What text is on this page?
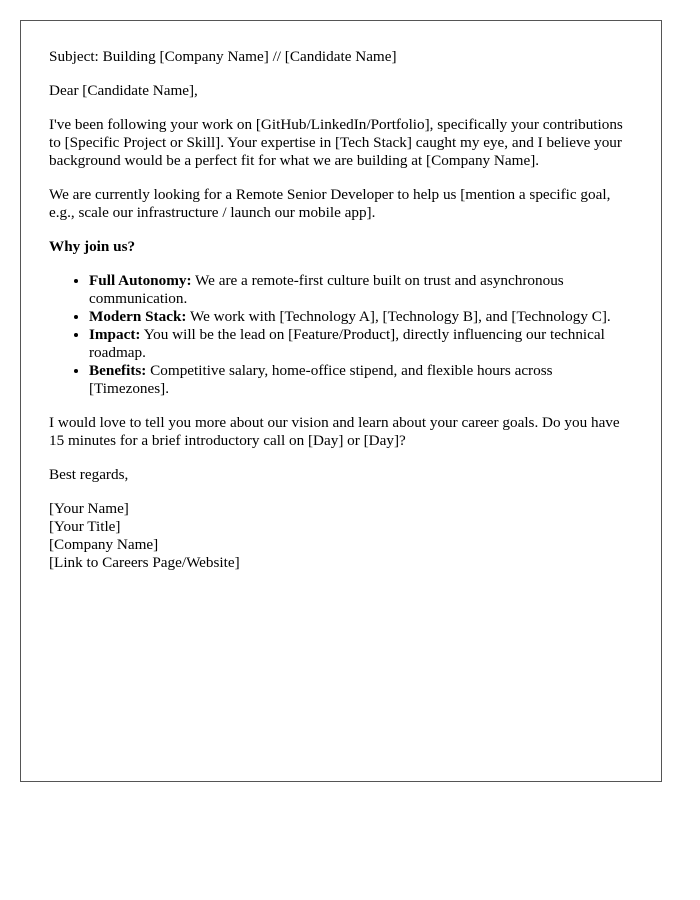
Subject: Building [Company Name] // [Candidate Name]

Dear [Candidate Name],

I've been following your work on [GitHub/LinkedIn/Portfolio], specifically your contributions to [Specific Project or Skill]. Your expertise in [Tech Stack] caught my eye, and I believe your background would be a perfect fit for what we are building at [Company Name].

We are currently looking for a Remote Senior Developer to help us [mention a specific goal, e.g., scale our infrastructure / launch our mobile app].

Why join us?
• Full Autonomy: We are a remote-first culture built on trust and asynchronous communication.
• Modern Stack: We work with [Technology A], [Technology B], and [Technology C].
• Impact: You will be the lead on [Feature/Product], directly influencing our technical roadmap.
• Benefits: Competitive salary, home-office stipend, and flexible hours across [Timezones].

I would love to tell you more about our vision and learn about your career goals. Do you have 15 minutes for a brief introductory call on [Day] or [Day]?

Best regards,

[Your Name]
[Your Title]
[Company Name]
[Link to Careers Page/Website]
